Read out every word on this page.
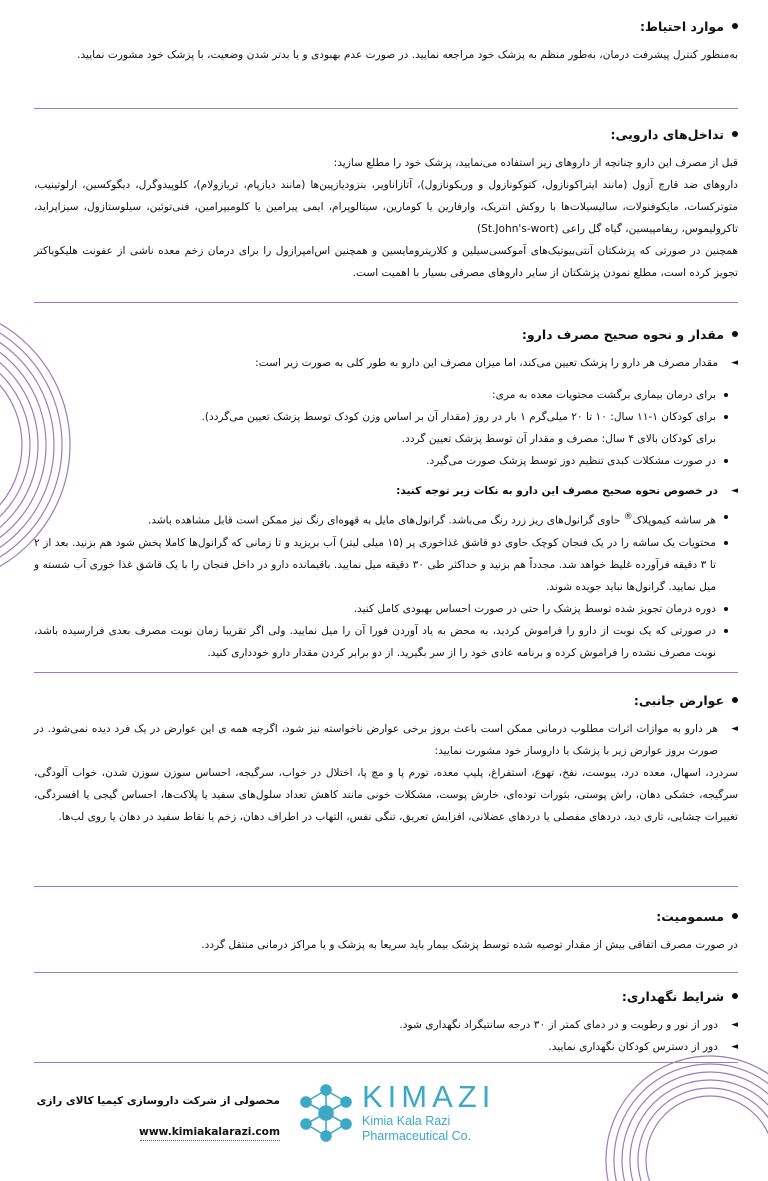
موارد احتیاط:

به‌منظور کنترل پیشرفت درمان، به‌طور منظم به پزشک خود مراجعه نمایید. در صورت عدم بهبودی و یا بدتر شدن وضعیت، با پزشک خود مشورت نمایید.

تداخل‌های دارویی:

قبل از مصرف این دارو چنانچه از داروهای زیر استفاده می‌نمایید، پزشک خود را مطلع سازید:

داروهای ضد قارچ آزول (مانند ایتراکونازول، کتوکونازول و وریکونازول)، آتازاناویر، بنزودیازپین‌ها (مانند دیازپام، تریازولام)، کلوپیدوگرل، دیگوکسین، ارلوتینیب، متوترکسات، مایکوفنولات، سالیسیلات‌ها با روکش انتریک، وارفارین یا کومارین، سیتالوپرام، ایمی پیرامین یا کلومیپرامین، فنی‌توئین، سیلوستازول، سیزاپراید، تاکرولیموس، ریفامپیسین، گیاه گل راعی (St.John's-wort)

همچنین در صورتی که پزشکتان آنتی‌بیوتیک‌های آموکسی‌سیلین و کلاریترومایسین و همچنین اس‌امپرازول را برای درمان زخم معده ناشی از عفونت هلیکوباکتر تجویز کرده است، مطلع نمودن پزشکتان از سایر داروهای مصرفی بسیار با اهمیت است.

مقدار و نحوه صحیح مصرف دارو:
◄
مقدار مصرف هر دارو را پزشک تعیین می‌کند، اما میزان مصرف این دارو به طور کلی به صورت زیر است:
برای درمان بیماری برگشت محتویات معده به مری:
برای کودکان ۱-۱۱ سال: ۱۰ تا ۲۰ میلی‌گرم ۱ بار در روز (مقدار آن بر اساس وزن کودک توسط پزشک تعیین می‌گردد).
برای کودکان بالای ۴ سال: مصرف و مقدار آن توسط پزشک تعیین گردد.
در صورت مشکلات کبدی تنظیم دوز توسط پزشک صورت می‌گیرد.
◄
در خصوص نحوه صحیح مصرف این دارو به نکات زیر توجه کنید:
هر ساشه کیموپلاک® حاوی گرانول‌های ریز زرد رنگ می‌باشد. گرانول‌های مایل به قهوه‌ای رنگ نیز ممکن است قابل مشاهده باشد.
محتویات یک ساشه را در یک فنجان کوچک حاوی دو قاشق غذاخوری پر (۱۵ میلی لیتر) آب بریزید و تا زمانی که گرانول‌ها کاملا پخش شود هم بزنید. بعد از ۲ تا ۳ دقیقه فرآورده غلیظ خواهد شد. مجدداً هم بزنید و حداکثر طی ۳۰ دقیقه میل نمایید. باقیمانده دارو در داخل فنجان را با یک قاشق غذا خوری آب شسته و میل نمایید. گرانول‌ها نباید جویده شوند.
دوره درمان تجویز شده توسط پزشک را حتی در صورت احساس بهبودی کامل کنید.
در صورتی که یک نوبت از دارو را فراموش کردید، به محض به یاد آوردن فورا آن را میل نمایید. ولی اگر تقریبا زمان نوبت مصرف بعدی فرارسیده باشد، نوبت مصرف نشده را فراموش کرده و برنامه عادی خود را از سر بگیرید. از دو برابر کردن مقدار دارو خودداری کنید.
عوارض جانبی:
◄
هر دارو به موازات اثرات مطلوب درمانی ممکن است باعث بروز برخی عوارض ناخواسته نیز شود، اگرچه همه ی این عوارض در یک فرد دیده نمی‌شود. در صورت بروز عوارض زیر با پزشک یا داروساز خود مشورت نمایید:

سردرد، اسهال، معده درد، یبوست، نفخ، تهوع، استفراغ، پلیپ معده، تورم پا و مچ پا، اختلال در خواب، سرگیجه، احساس سوزن سوزن شدن، خواب آلودگی، سرگیجه، خشکی دهان، راش پوستی، بثورات توده‌ای، خارش پوست، مشکلات خونی مانند کاهش تعداد سلول‌های سفید یا پلاکت‌ها، احساس گیجی یا افسردگی، تغییرات چشایی، تاری دید، دردهای مفصلی یا دردهای عضلانی، افزایش تعریق، تنگی نفس، التهاب در اطراف دهان، زخم یا نقاط سفید در دهان یا روی لب‌ها.

مسمومیت:

در صورت مصرف اتفاقی بیش از مقدار توصیه شده توسط پزشک بیمار باید سریعا به پزشک و یا مراکز درمانی منتقل گردد.

شرایط نگهداری:
◄
دور از نور و رطوبت و در دمای کمتر از ۳۰ درجه سانتیگراد نگهداری شود.
◄
دور از دسترس کودکان نگهداری نمایید.
محصولی از شرکت داروسازی کیمیا کالای رازی
www.kimiakalarazi.com
KIMAZI
Kimia Kala Razi
Pharmaceutical Co.
